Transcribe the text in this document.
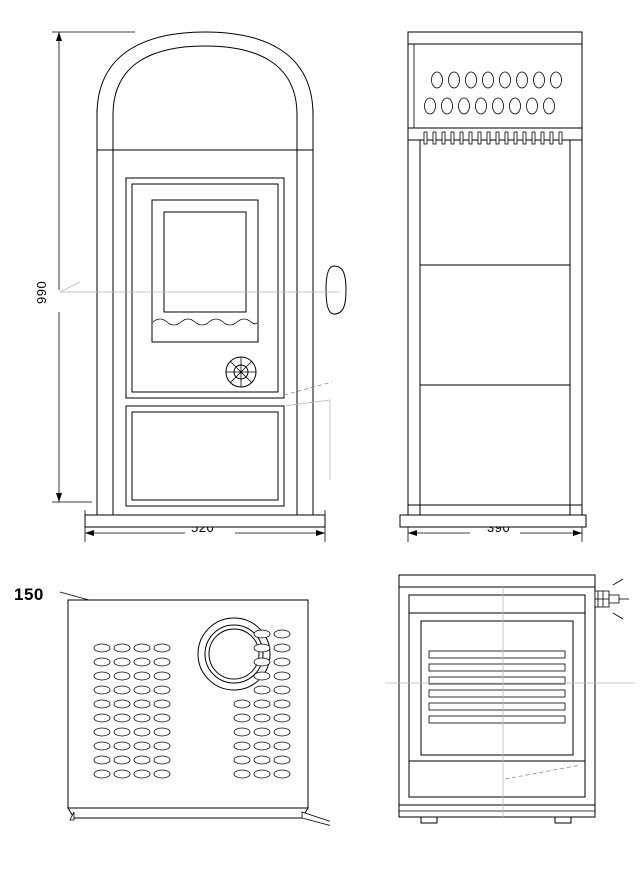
990
150
